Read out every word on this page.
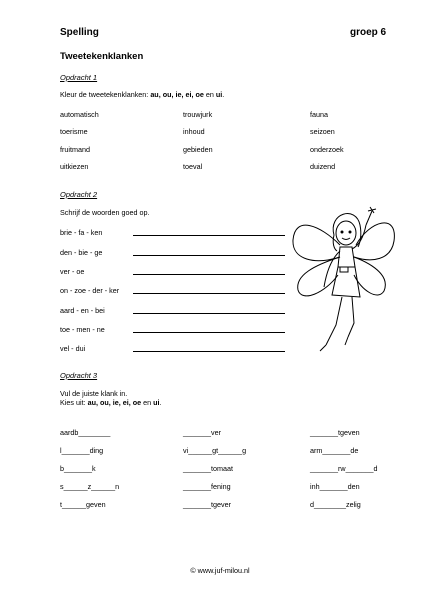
Spelling	groep 6
Tweetekenklanken
Opdracht 1
Kleur de tweetekenklanken: au, ou, ie, ei, oe en ui.
automatisch	trouwjurk	fauna
toerisme	inhoud	seizoen
fruitmand	gebieden	onderzoek
uitkiezen	toeval	duizend
Opdracht 2
Schrijf de woorden goed op.
brie - fa - ken
den - bie - ge
ver - oe
on - zoe - der - ker
aard - en - bei
toe - men - ne
vel - dui
Opdracht 3
Vul de juiste klank in.
Kies uit: au, ou, ie, ei, oe en ui.
aardb________	_______ver	_______tgeven
l_______ding	vi______gt______g	arm_______de
b_______k	_______tomaat	_______rw_______d
s______z______n	_______fening	inh_______den
t______geven	_______tgever	d________zelig
© www.juf-milou.nl
